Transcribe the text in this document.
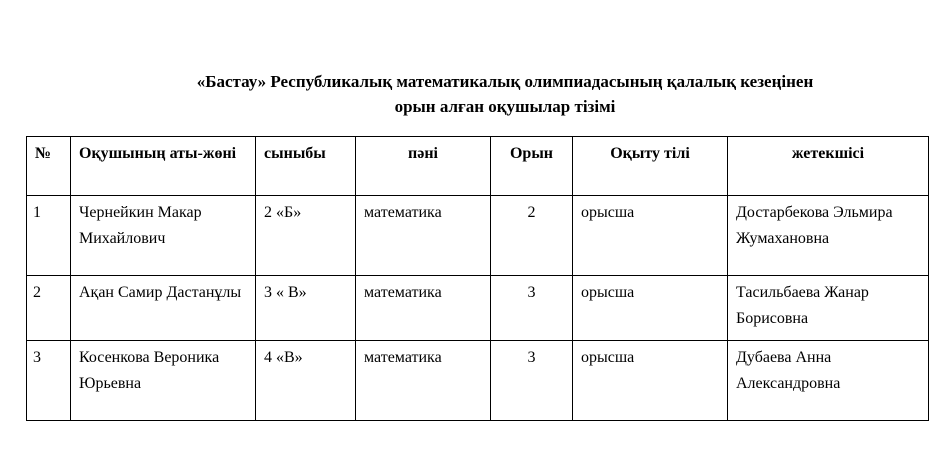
«Бастау» Республикалық математикалық олимпиадасының қалалық кезеңінен
орын алған оқушылар тізімі
№	Оқушының аты-жөні	сыныбы	пәні	Орын	Оқыту тілі	жетекшісі
1	Чернейкин Макар Михайлович	2 «Б»	математика	2	орысша	Достарбекова Эльмира Жумахановна
2	Ақан Самир Дастанұлы	3 « В»	математика	3	орысша	Тасильбаева Жанар Борисовна
3	Косенкова Вероника Юрьевна	4 «В»	математика	3	орысша	Дубаева Анна Александровна
